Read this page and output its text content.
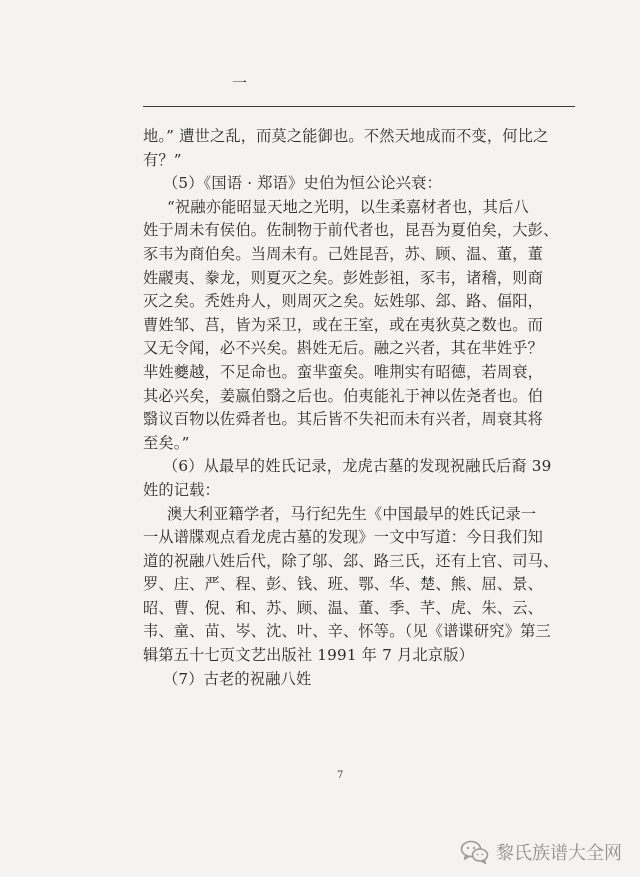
一
地。” 遭世之乱，而莫之能御也。不然天地成而不变，何比之
有？”
（5）《国语 · 郑语》史伯为恒公论兴衰：
“祝融亦能昭显天地之光明，以生柔嘉材者也，其后八
姓于周未有侯伯。佐制物于前代者也，昆吾为夏伯矣，大彭、
豕韦为商伯矣。当周未有。己姓昆吾，苏、顾、温、董，董
姓鬷夷、豢龙，则夏灭之矣。彭姓彭祖，豕韦，诸稽，则商
灭之矣。秃姓舟人，则周灭之矣。妘姓邬、郐、路、偪阳，
曹姓邹、莒，皆为采卫，或在王室，或在夷狄莫之数也。而
又无令闻，必不兴矣。斟姓无后。融之兴者，其在芈姓乎？
芈姓夔越，不足命也。蛮芈蛮矣。唯荆实有昭德，若周衰，
其必兴矣，姜嬴伯翳之后也。伯夷能礼于神以佐尧者也。伯
翳议百物以佐舜者也。其后皆不失祀而未有兴者，周衰其将
至矣。”
（6）从最早的姓氏记录，龙虎古墓的发现祝融氏后裔 39
姓的记载：
澳大利亚籍学者，马行纪先生《中国最早的姓氏记录一
一从谱牒观点看龙虎古墓的发现》一文中写道：今日我们知
道的祝融八姓后代，除了邬、郐、路三氏，还有上官、司马、
罗、庄、严、程、彭、钱、班、鄂、华、楚、熊、屈、景、
昭、曹、倪、和、苏、顾、温、董、季、芊、虎、朱、云、
韦、童、苗、岑、沈、叶、辛、怀等。（见《谱谍研究》第三
辑第五十七页文艺出版社 1991 年 7 月北京版）
（7）古老的祝融八姓
7
黎氏族谱大全网
